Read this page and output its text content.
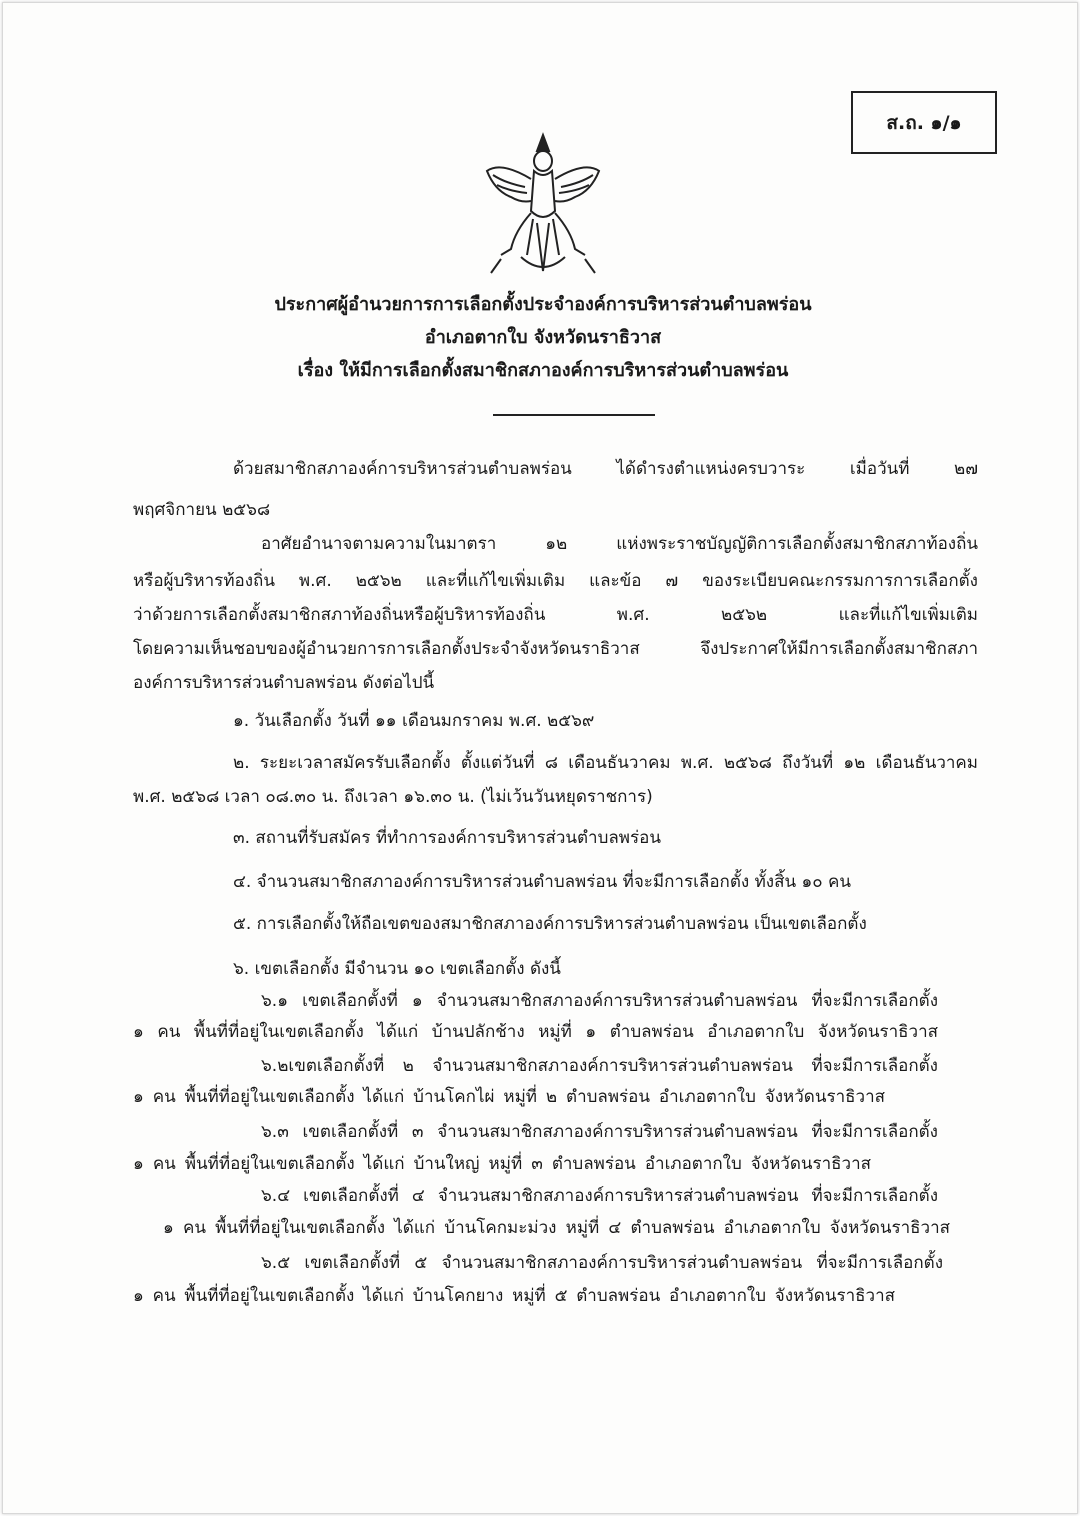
ส.ถ. ๑/๑
ประกาศผู้อำนวยการการเลือกตั้งประจำองค์การบริหารส่วนตำบลพร่อน
อำเภอตากใบ จังหวัดนราธิวาส
เรื่อง ให้มีการเลือกตั้งสมาชิกสภาองค์การบริหารส่วนตำบลพร่อน
ด้วยสมาชิกสภาองค์การบริหารส่วนตำบลพร่อน ได้ดำรงตำแหน่งครบวาระ เมื่อวันที่ ๒๗
พฤศจิกายน ๒๕๖๘
อาศัยอำนาจตามความในมาตรา ๑๒ แห่งพระราชบัญญัติการเลือกตั้งสมาชิกสภาท้องถิ่น
หรือผู้บริหารท้องถิ่น พ.ศ. ๒๕๖๒ และที่แก้ไขเพิ่มเติม และข้อ ๗ ของระเบียบคณะกรรมการการเลือกตั้ง
ว่าด้วยการเลือกตั้งสมาชิกสภาท้องถิ่นหรือผู้บริหารท้องถิ่น พ.ศ. ๒๕๖๒ และที่แก้ไขเพิ่มเติม
โดยความเห็นชอบของผู้อำนวยการการเลือกตั้งประจำจังหวัดนราธิวาส จึงประกาศให้มีการเลือกตั้งสมาชิกสภา
องค์การบริหารส่วนตำบลพร่อน ดังต่อไปนี้
๑. วันเลือกตั้ง วันที่ ๑๑ เดือนมกราคม พ.ศ. ๒๕๖๙
๒. ระยะเวลาสมัครรับเลือกตั้ง ตั้งแต่วันที่ ๘ เดือนธันวาคม พ.ศ. ๒๕๖๘ ถึงวันที่ ๑๒ เดือนธันวาคม
พ.ศ. ๒๕๖๘ เวลา ๐๘.๓๐ น. ถึงเวลา ๑๖.๓๐ น. (ไม่เว้นวันหยุดราชการ)
๓. สถานที่รับสมัคร ที่ทำการองค์การบริหารส่วนตำบลพร่อน
๔. จำนวนสมาชิกสภาองค์การบริหารส่วนตำบลพร่อน ที่จะมีการเลือกตั้ง ทั้งสิ้น ๑๐ คน
๕. การเลือกตั้งให้ถือเขตของสมาชิกสภาองค์การบริหารส่วนตำบลพร่อน เป็นเขตเลือกตั้ง
๖. เขตเลือกตั้ง มีจำนวน ๑๐ เขตเลือกตั้ง ดังนี้
๖.๑ เขตเลือกตั้งที่ ๑ จำนวนสมาชิกสภาองค์การบริหารส่วนตำบลพร่อน ที่จะมีการเลือกตั้ง
๑ คน พื้นที่ที่อยู่ในเขตเลือกตั้ง ได้แก่ บ้านปลักช้าง หมู่ที่ ๑ ตำบลพร่อน อำเภอตากใบ จังหวัดนราธิวาส
๖.๒เขตเลือกตั้งที่ ๒ จำนวนสมาชิกสภาองค์การบริหารส่วนตำบลพร่อน ที่จะมีการเลือกตั้ง
๑ คน พื้นที่ที่อยู่ในเขตเลือกตั้ง ได้แก่ บ้านโคกไผ่ หมู่ที่ ๒ ตำบลพร่อน อำเภอตากใบ จังหวัดนราธิวาส
๖.๓ เขตเลือกตั้งที่ ๓ จำนวนสมาชิกสภาองค์การบริหารส่วนตำบลพร่อน ที่จะมีการเลือกตั้ง
๑ คน พื้นที่ที่อยู่ในเขตเลือกตั้ง ได้แก่ บ้านใหญ่ หมู่ที่ ๓ ตำบลพร่อน อำเภอตากใบ จังหวัดนราธิวาส
๖.๔ เขตเลือกตั้งที่ ๔ จำนวนสมาชิกสภาองค์การบริหารส่วนตำบลพร่อน ที่จะมีการเลือกตั้ง
๑ คน พื้นที่ที่อยู่ในเขตเลือกตั้ง ได้แก่ บ้านโคกมะม่วง หมู่ที่ ๔ ตำบลพร่อน อำเภอตากใบ จังหวัดนราธิวาส
๖.๕ เขตเลือกตั้งที่ ๕ จำนวนสมาชิกสภาองค์การบริหารส่วนตำบลพร่อน ที่จะมีการเลือกตั้ง
๑ คน พื้นที่ที่อยู่ในเขตเลือกตั้ง ได้แก่ บ้านโคกยาง หมู่ที่ ๕ ตำบลพร่อน อำเภอตากใบ จังหวัดนราธิวาส
